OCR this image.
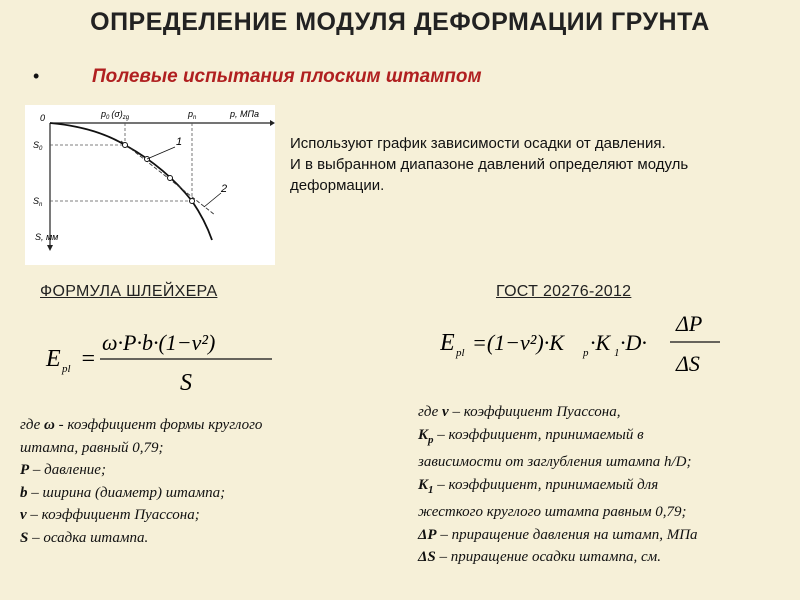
ОПРЕДЕЛЕНИЕ МОДУЛЯ ДЕФОРМАЦИИ ГРУНТА
•	Полевые испытания плоским штампом
0	$p_0$ $(\sigma)_{zg}$	$p_n$	p, МПа
$S_0$
$S_n$
S, мм
1
2
Используют график зависимости осадки от давления.
И в выбранном диапазоне давлений определяют модуль
деформации.
ФОРМУЛА ШЛЕЙХЕРА	ГОСТ 20276-2012
E pl =
ω·P·b·(1−ν²)
S
E pl =(1−ν²)·K p ·K 1 ·D·
ΔP
ΔS
где ω - коэффициент формы круглого
штампа, равный 0,79;
P – давление;
b – ширина (диаметр) штампа;
ν – коэффициент Пуассона;
S – осадка штампа.
где ν – коэффициент Пуассона,
$K_p$ – коэффициент, принимаемый в
зависимости от заглубления штампа h/D;
$K_1$ – коэффициент, принимаемый для
жесткого круглого штампа равным 0,79;
ΔP – приращение давления на штамп, МПа
ΔS – приращение осадки штампа, см.
